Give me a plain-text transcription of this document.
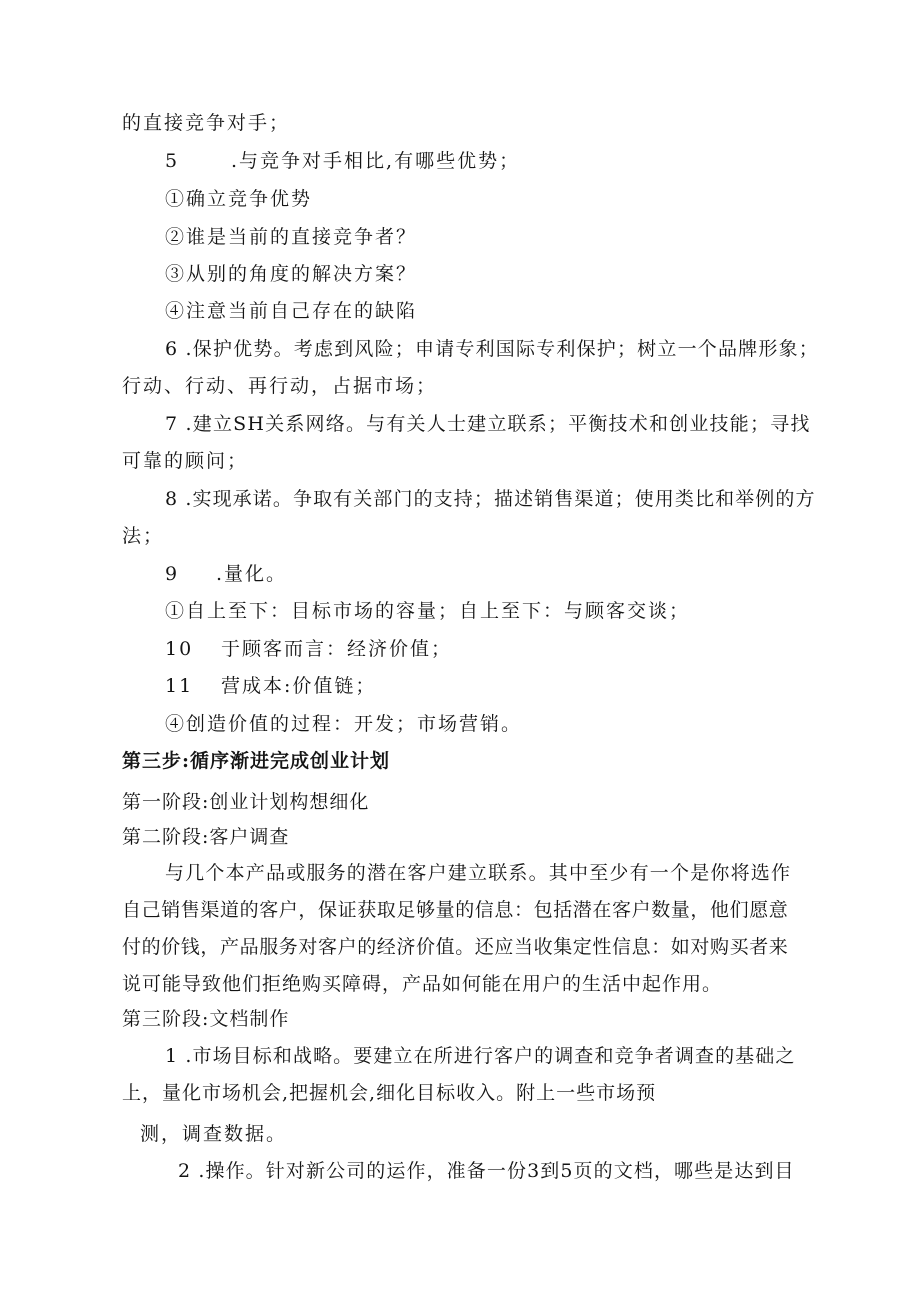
的直接竞争对手；
5	.与竞争对手相比,有哪些优势；
①确立竞争优势
②谁是当前的直接竞争者？
③从别的角度的解决方案？
④注意当前自己存在的缺陷
6 .保护优势。考虑到风险；申请专利国际专利保护；树立一个品牌形象；
行动、行动、再行动，占据市场；
7 .建立SH关系网络。与有关人士建立联系；平衡技术和创业技能；寻找
可靠的顾问；
8 .实现承诺。争取有关部门的支持；描述销售渠道；使用类比和举例的方
法；
9 .量化。
①自上至下：目标市场的容量；自上至下：与顾客交谈；
10 于顾客而言：经济价值；
11 营成本:价值链；
④创造价值的过程：开发；市场营销。
第三步:循序渐进完成创业计划
第一阶段:创业计划构想细化
第二阶段:客户调查
与几个本产品或服务的潜在客户建立联系。其中至少有一个是你将选作
自己销售渠道的客户，保证获取足够量的信息：包括潜在客户数量，他们愿意
付的价钱，产品服务对客户的经济价值。还应当收集定性信息：如对购买者来
说可能导致他们拒绝购买障碍，产品如何能在用户的生活中起作用。
第三阶段:文档制作
1 .市场目标和战略。要建立在所进行客户的调查和竞争者调查的基础之
上，量化市场机会,把握机会,细化目标收入。附上一些市场预
测，调查数据。
2 .操作。针对新公司的运作，准备一份3到5页的文档，哪些是达到目
